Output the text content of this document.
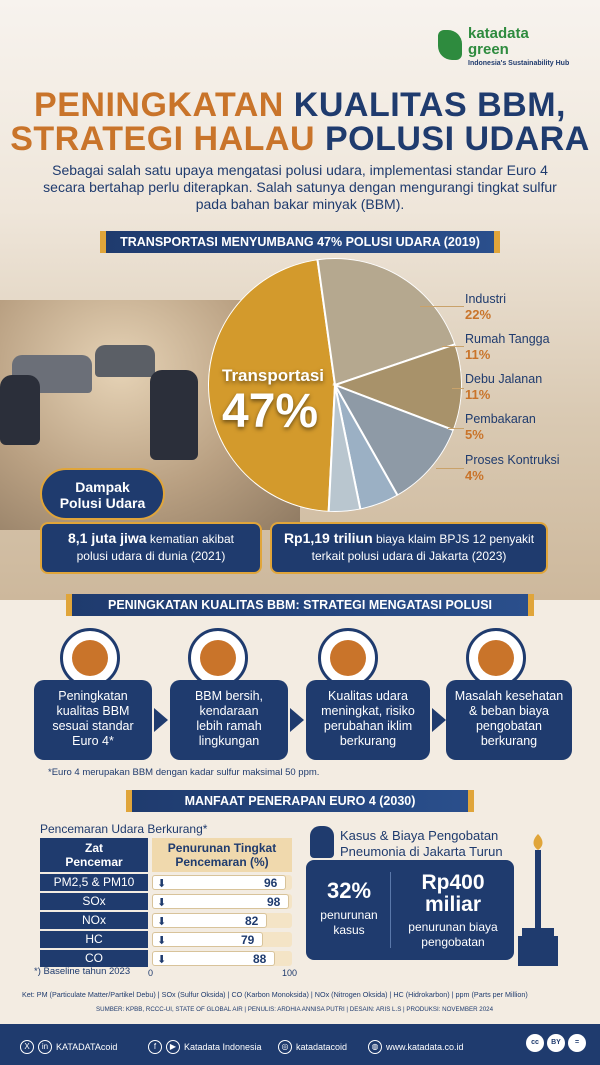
katadata
green
Indonesia's Sustainability Hub
PENINGKATAN KUALITAS BBM,
STRATEGI HALAU POLUSI UDARA
Sebagai salah satu upaya mengatasi polusi udara, implementasi standar Euro 4 secara bertahap perlu diterapkan. Salah satunya dengan mengurangi tingkat sulfur pada bahan bakar minyak (BBM).
TRANSPORTASI MENYUMBANG 47% POLUSI UDARA (2019)
Transportasi
47%
Industri
22%
Rumah Tangga
11%
Debu Jalanan
11%
Pembakaran
5%
Proses Kontruksi
4%
Dampak
Polusi Udara
8,1 juta jiwa kematian akibat
polusi udara di dunia (2021)
Rp1,19 triliun biaya klaim BPJS 12 penyakit
terkait polusi udara di Jakarta (2023)
PENINGKATAN KUALITAS BBM: STRATEGI MENGATASI POLUSI
Peningkatan
kualitas BBM
sesuai standar
Euro 4*
BBM bersih,
kendaraan
lebih ramah
lingkungan
Kualitas udara
meningkat, risiko
perubahan iklim
berkurang
Masalah kesehatan
& beban biaya
pengobatan
berkurang
*Euro 4 merupakan BBM dengan kadar sulfur maksimal 50 ppm.
MANFAAT PENERAPAN EURO 4 (2030)
Pencemaran Udara Berkurang*
Zat
Pencemar
Penurunan Tingkat
Pencemaran (%)
PM2,5 & PM10	⬇	96
SOx	⬇	98
NOx	⬇	82
HC	⬇	79
CO	⬇	88
0	100
*) Baseline tahun 2023
Kasus & Biaya Pengobatan Pneumonia di Jakarta Turun
32%
penurunan
kasus
Rp400
miliar
penurunan biaya
pengobatan
Ket: PM (Particulate Matter/Partikel Debu) | SOx (Sulfur Oksida) | CO (Karbon Monoksida) | NOx (Nitrogen Oksida) | HC (Hidrokarbon) | ppm (Parts per Million)
SUMBER: KPBB, RCCC-UI, STATE OF GLOBAL AIR | PENULIS: ARDHIA ANNISA PUTRI | DESAIN: ARIS L.S | PRODUKSI: NOVEMBER 2024
X	in KATADATAcoid	f	▶ Katadata Indonesia	◎ katadatacoid	◍ www.katadata.co.id	cc	BY	=
